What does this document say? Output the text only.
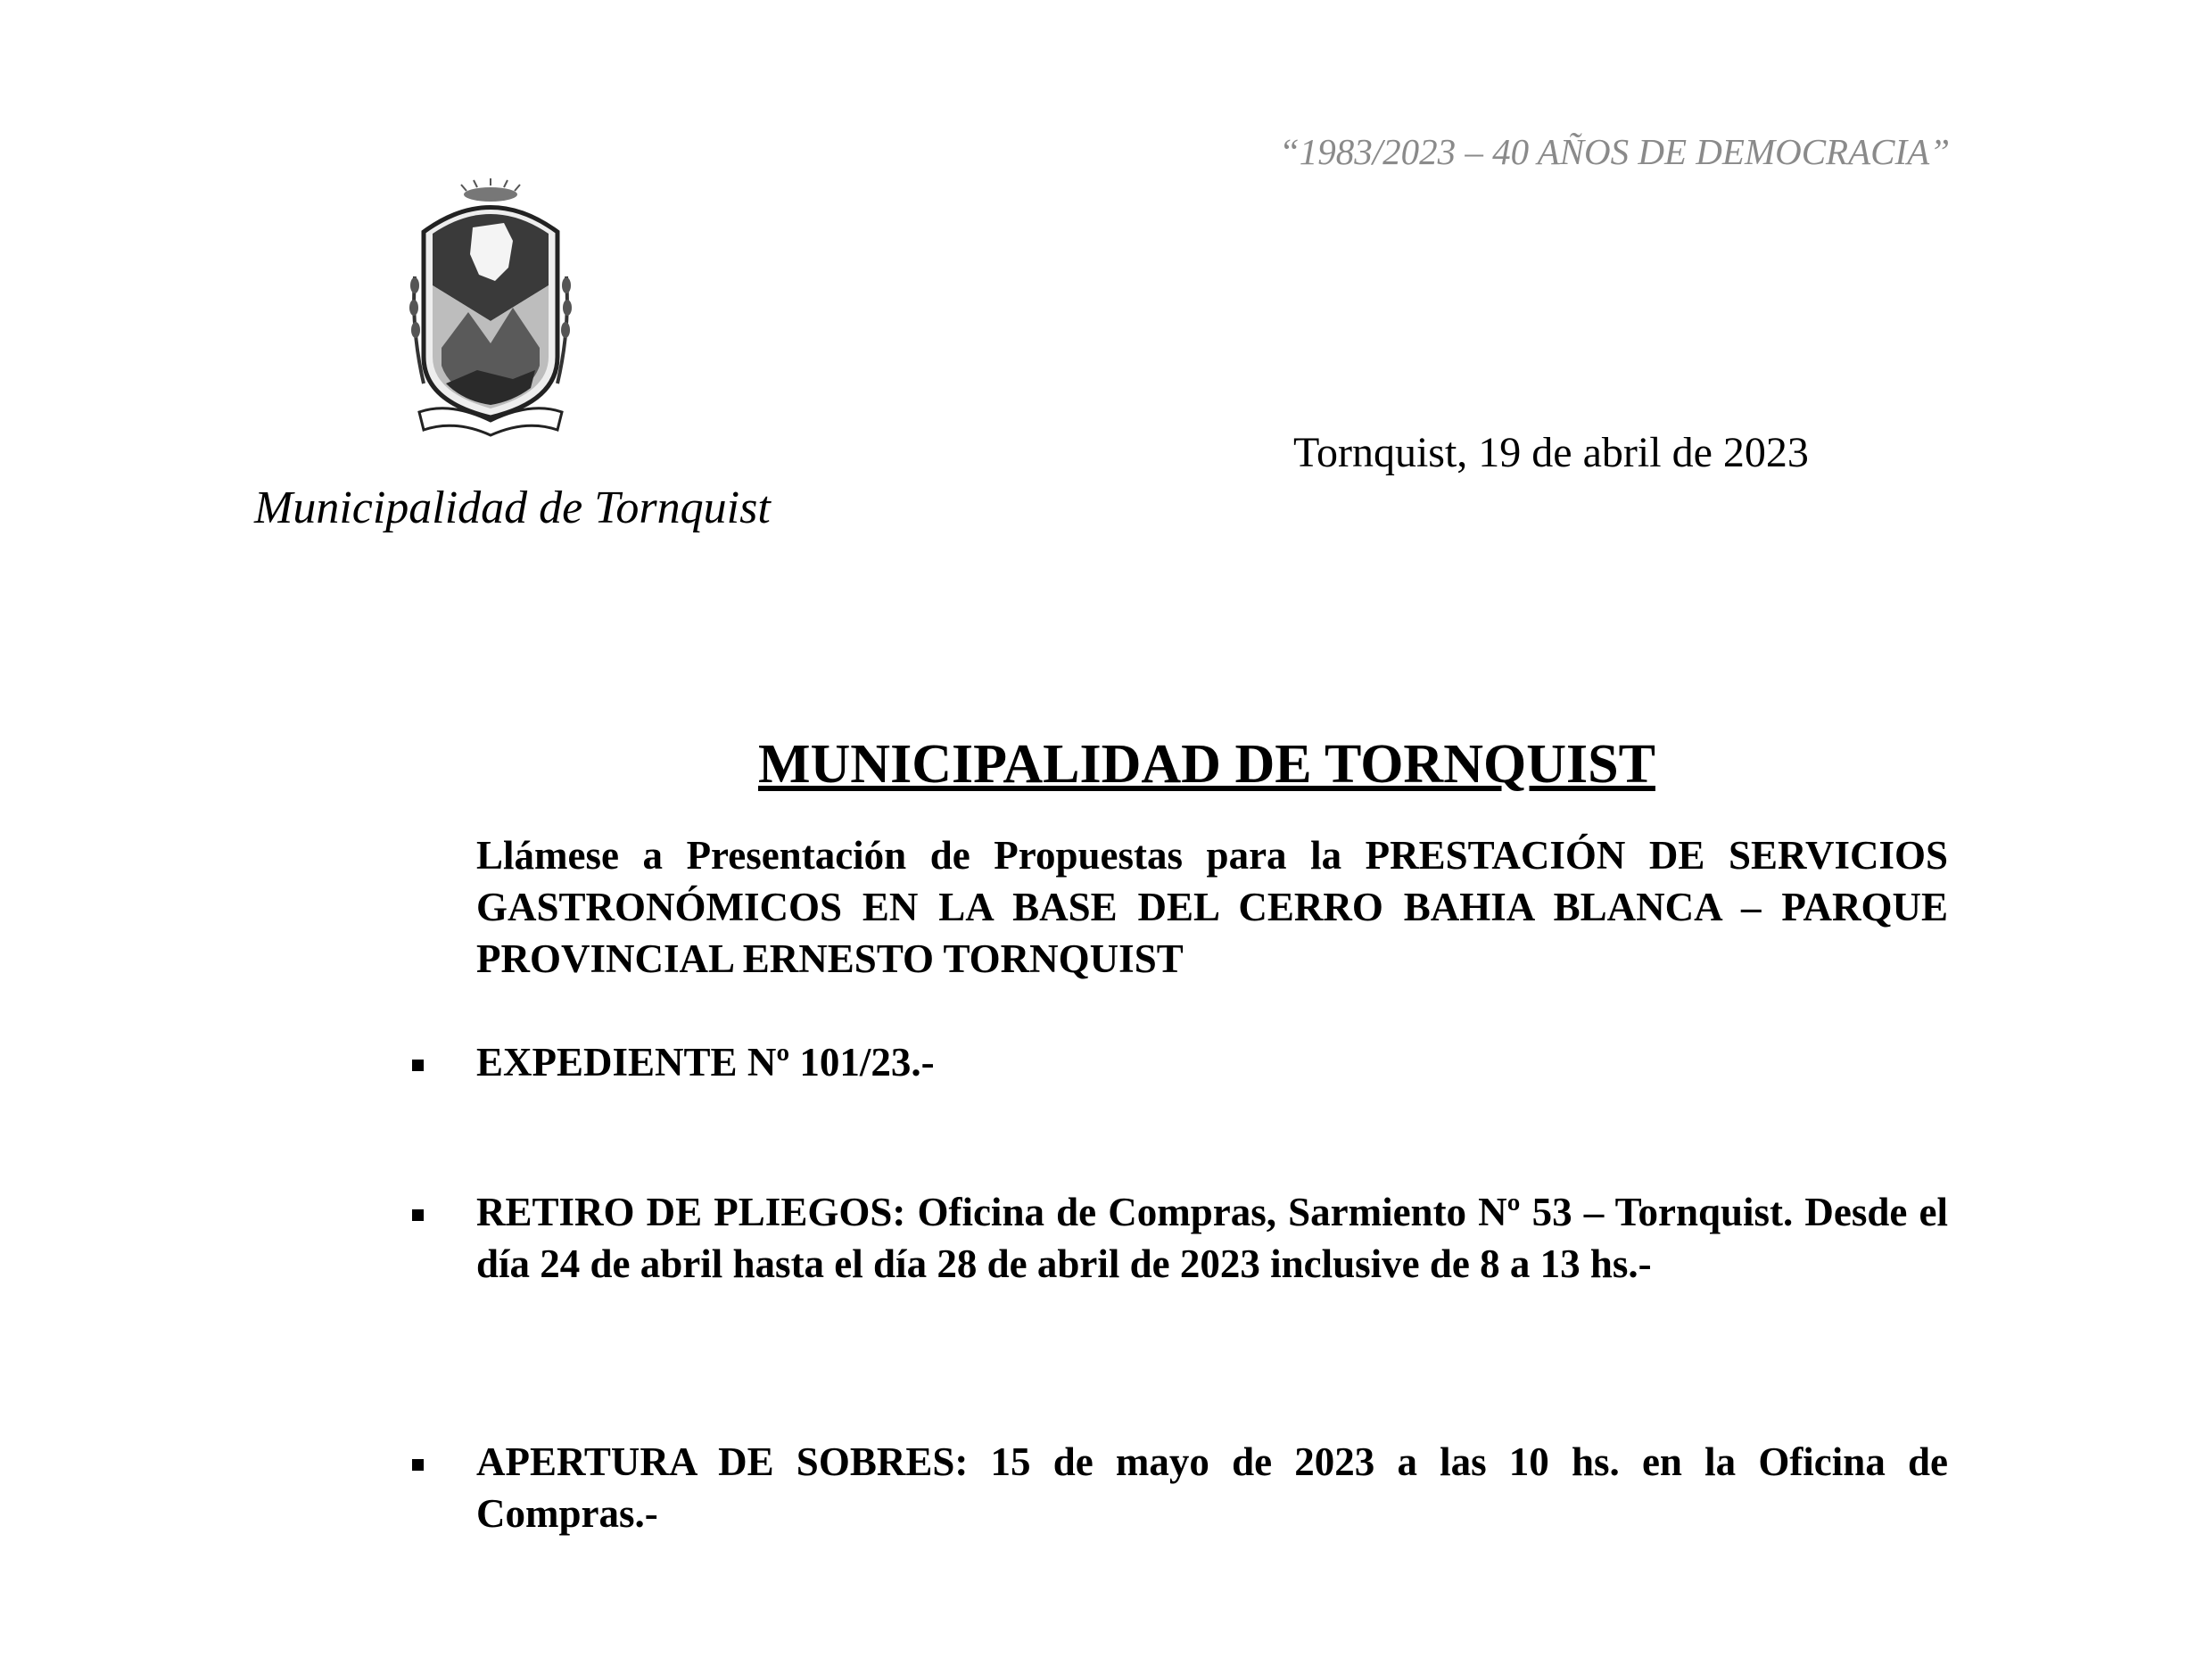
“1983/2023 – 40 AÑOS DE DEMOCRACIA”
Municipalidad de Tornquist
Tornquist, 19 de abril de 2023
MUNICIPALIDAD DE TORNQUIST
Llámese a Presentación de Propuestas para la PRESTACIÓN DE SERVICIOS GASTRONÓMICOS EN LA BASE DEL CERRO BAHIA BLANCA – PARQUE PROVINCIAL ERNESTO TORNQUIST
EXPEDIENTE Nº 101/23.-
RETIRO DE PLIEGOS: Oficina de Compras, Sarmiento Nº 53 – Tornquist. Desde el día 24 de abril hasta el día 28 de abril de 2023 inclusive de 8 a 13 hs.-
APERTURA DE SOBRES: 15 de mayo de 2023 a las 10 hs. en la Oficina de Compras.-
